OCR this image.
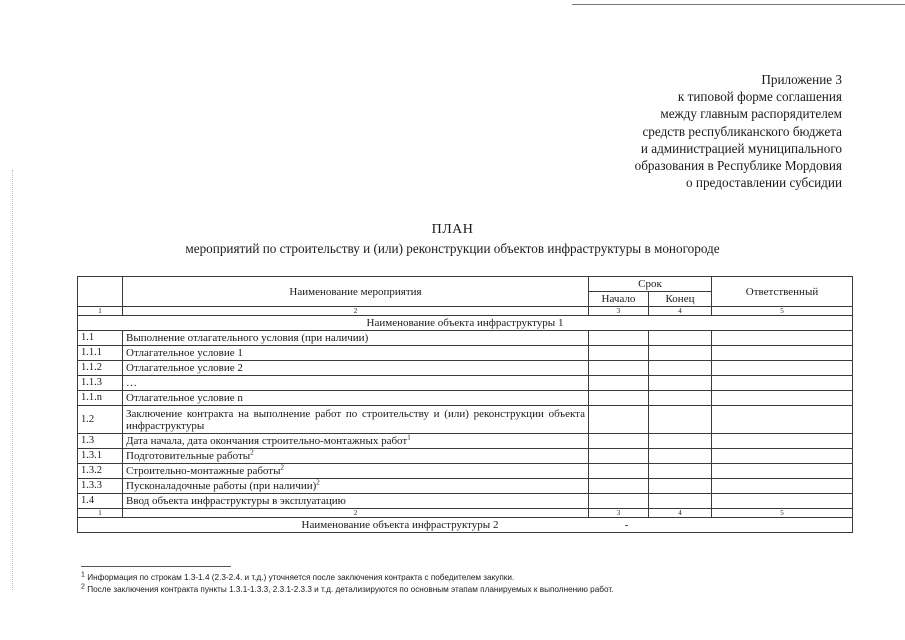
Приложение 3
к типовой форме соглашения
между главным распорядителем
средств республиканского бюджета
и администрацией муниципального
образования в Республике Мордовия
о предоставлении субсидии
ПЛАН
мероприятий по строительству и (или) реконструкции объектов инфраструктуры в моногороде
	Наименование мероприятия	Срок		Ответственный
		Начало	Конец	
1	2	3	4	5
Наименование объекта инфраструктуры 1				
1.1	Выполнение отлагательного условия (при наличии)			
1.1.1	Отлагательное условие 1			
1.1.2	Отлагательное условие 2			
1.1.3	…			
1.1.n	Отлагательное условие n			
1.2	Заключение контракта на выполнение работ по строительству и (или) реконструкции объекта инфраструктуры			
1.3	Дата начала, дата окончания строительно-монтажных работ$^1$			
1.3.1	Подготовительные работы$^2$			
1.3.2	Строительно-монтажные работы$^2$			
1.3.3	Пусконаладочные работы (при наличии)$^2$			
1.4	Ввод объекта инфраструктуры в эксплуатацию			
1	2	3	4	5
Наименование объекта инфраструктуры 2 -				
$^1$ Информация по строкам 1.3-1.4 (2.3-2.4. и т.д.) уточняется после заключения контракта с победителем закупки.
$^2$ После заключения контракта пункты 1.3.1-1.3.3, 2.3.1-2.3.3 и т.д. детализируются по основным этапам планируемых к выполнению работ.
